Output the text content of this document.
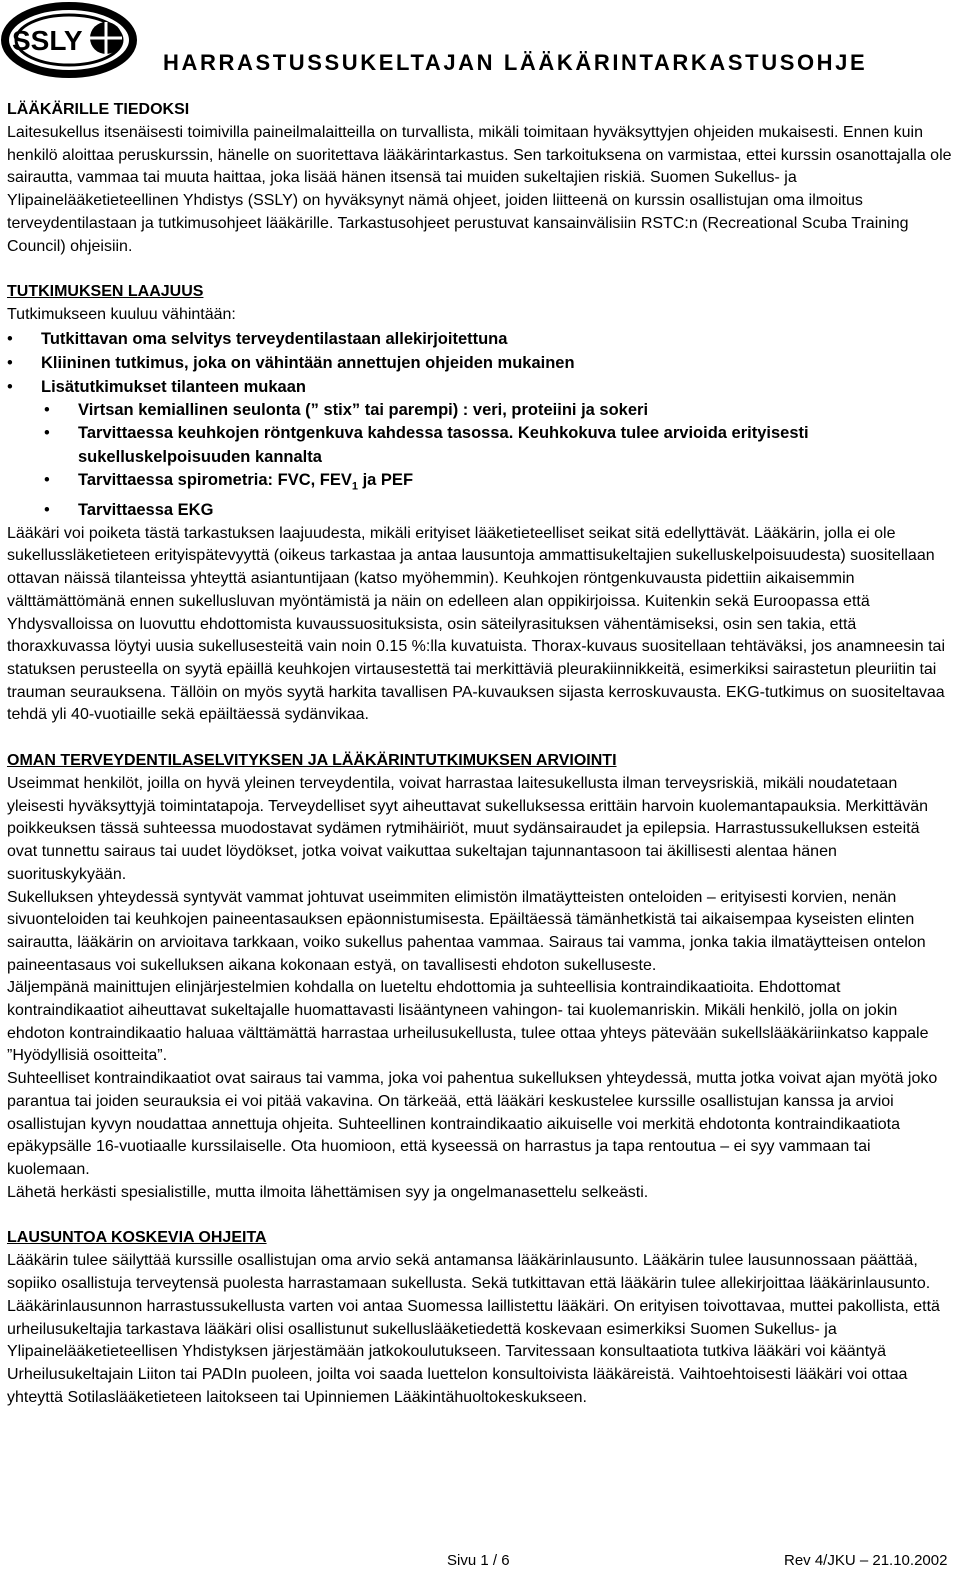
SSLY
HARRASTUSSUKELTAJAN LÄÄKÄRINTARKASTUSOHJE
LÄÄKÄRILLE TIEDOKSI

Laitesukellus itsenäisesti toimivilla paineilmalaitteilla on turvallista, mikäli toimitaan hyväksyttyjen ohjeiden mukaisesti. Ennen kuin henkilö aloittaa peruskurssin, hänelle on suoritettava lääkärintarkastus. Sen tarkoituksena on varmistaa, ettei kurssin osanottajalla ole sairautta, vammaa tai muuta haittaa, joka lisää hänen itsensä tai muiden sukeltajien riskiä. Suomen Sukellus- ja Ylipainelääketieteellinen Yhdistys (SSLY) on hyväksynyt nämä ohjeet, joiden liitteenä on kurssin osallistujan oma ilmoitus terveydentilastaan ja tutkimusohjeet lääkärille. Tarkastusohjeet perustuvat kansainvälisiin RSTC:n (Recreational Scuba Training Council) ohjeisiin.

TUTKIMUKSEN LAAJUUS

Tutkimukseen kuuluu vähintään:

• Tutkittavan oma selvitys terveydentilastaan allekirjoitettuna
• Kliininen tutkimus, joka on vähintään annettujen ohjeiden mukainen
• Lisätutkimukset tilanteen mukaan
• Virtsan kemiallinen seulonta (” stix” tai parempi) : veri, proteiini ja sokeri
• Tarvittaessa keuhkojen röntgenkuva kahdessa tasossa. Keuhkokuva tulee arvioida erityisesti sukelluskelpoisuuden kannalta
• Tarvittaessa spirometria: FVC, $FEV_1$ ja PEF
• Tarvittaessa EKG

Lääkäri voi poiketa tästä tarkastuksen laajuudesta, mikäli erityiset lääketieteelliset seikat sitä edellyttävät. Lääkärin, jolla ei ole sukellussläketieteen erityispätevyyttä (oikeus tarkastaa ja antaa lausuntoja ammattisukeltajien sukelluskelpoisuudesta) suositellaan ottavan näissä tilanteissa yhteyttä asiantuntijaan (katso myöhemmin). Keuhkojen röntgenkuvausta pidettiin aikaisemmin välttämättömänä ennen sukellusluvan myöntämistä ja näin on edelleen alan oppikirjoissa. Kuitenkin sekä Euroopassa että Yhdysvalloissa on luovuttu ehdottomista kuvaussuosituksista, osin säteilyrasituksen vähentämiseksi, osin sen takia, että thoraxkuvassa löytyi uusia sukellusesteitä vain noin 0.15 %:lla kuvatuista. Thorax-kuvaus suositellaan tehtäväksi, jos anamneesin tai statuksen perusteella on syytä epäillä keuhkojen virtausestettä tai merkittäviä pleurakiinnikkeitä, esimerkiksi sairastetun pleuriitin tai trauman seurauksena. Tällöin on myös syytä harkita tavallisen PA-kuvauksen sijasta kerroskuvausta. EKG-tutkimus on suositeltavaa tehdä yli 40-vuotiaille sekä epäiltäessä sydänvikaa.

OMAN TERVEYDENTILASELVITYKSEN JA LÄÄKÄRINTUTKIMUKSEN ARVIOINTI

Useimmat henkilöt, joilla on hyvä yleinen terveydentila, voivat harrastaa laitesukellusta ilman terveysriskiä, mikäli noudatetaan yleisesti hyväksyttyjä toimintatapoja. Terveydelliset syyt aiheuttavat sukelluksessa erittäin harvoin kuolemantapauksia. Merkittävän poikkeuksen tässä suhteessa muodostavat sydämen rytmihäiriöt, muut sydänsairaudet ja epilepsia. Harrastussukelluksen esteitä ovat tunnettu sairaus tai uudet löydökset, jotka voivat vaikuttaa sukeltajan tajunnantasoon tai äkillisesti alentaa hänen suorituskykyään.

Sukelluksen yhteydessä syntyvät vammat johtuvat useimmiten elimistön ilmatäytteisten onteloiden – erityisesti korvien, nenän sivuonteloiden tai keuhkojen paineentasauksen epäonnistumisesta. Epäiltäessä tämänhetkistä tai aikaisempaa kyseisten elinten sairautta, lääkärin on arvioitava tarkkaan, voiko sukellus pahentaa vammaa. Sairaus tai vamma, jonka takia ilmatäytteisen ontelon paineentasaus voi sukelluksen aikana kokonaan estyä, on tavallisesti ehdoton sukelluseste.

Jäljempänä mainittujen elinjärjestelmien kohdalla on lueteltu ehdottomia ja suhteellisia kontraindikaatioita. Ehdottomat kontraindikaatiot aiheuttavat sukeltajalle huomattavasti lisääntyneen vahingon- tai kuolemanriskin. Mikäli henkilö, jolla on jokin ehdoton kontraindikaatio haluaa välttämättä harrastaa urheilusukellusta, tulee ottaa yhteys pätevään sukellslääkäriinkatso kappale ”Hyödyllisiä osoitteita”.

Suhteelliset kontraindikaatiot ovat sairaus tai vamma, joka voi pahentua sukelluksen yhteydessä, mutta jotka voivat ajan myötä joko parantua tai joiden seurauksia ei voi pitää vakavina. On tärkeää, että lääkäri keskustelee kurssille osallistujan kanssa ja arvioi osallistujan kyvyn noudattaa annettuja ohjeita. Suhteellinen kontraindikaatio aikuiselle voi merkitä ehdotonta kontraindikaatiota epäkypsälle 16-vuotiaalle kurssilaiselle. Ota huomioon, että kyseessä on harrastus ja tapa rentoutua – ei syy vammaan tai kuolemaan.

Lähetä herkästi spesialistille, mutta ilmoita lähettämisen syy ja ongelmanasettelu selkeästi.

LAUSUNTOA KOSKEVIA OHJEITA

Lääkärin tulee säilyttää kurssille osallistujan oma arvio sekä antamansa lääkärinlausunto. Lääkärin tulee lausunnossaan päättää, sopiiko osallistuja terveytensä puolesta harrastamaan sukellusta. Sekä tutkittavan että lääkärin tulee allekirjoittaa lääkärinlausunto. Lääkärinlausunnon harrastussukellusta varten voi antaa Suomessa laillistettu lääkäri. On erityisen toivottavaa, muttei pakollista, että urheilusukeltajia tarkastava lääkäri olisi osallistunut sukelluslääketiedettä koskevaan esimerkiksi Suomen Sukellus- ja Ylipainelääketieteellisen Yhdistyksen järjestämään jatkokoulutukseen. Tarvitessaan konsultaatiota tutkiva lääkäri voi kääntyä Urheilusukeltajain Liiton tai PADIn puoleen, joilta voi saada luettelon konsultoivista lääkäreistä. Vaihtoehtoisesti lääkäri voi ottaa yhteyttä Sotilaslääketieteen laitokseen tai Upinniemen Lääkintähuoltokeskukseen.

Sivu 1 / 6	Rev 4/JKU – 21.10.2002
